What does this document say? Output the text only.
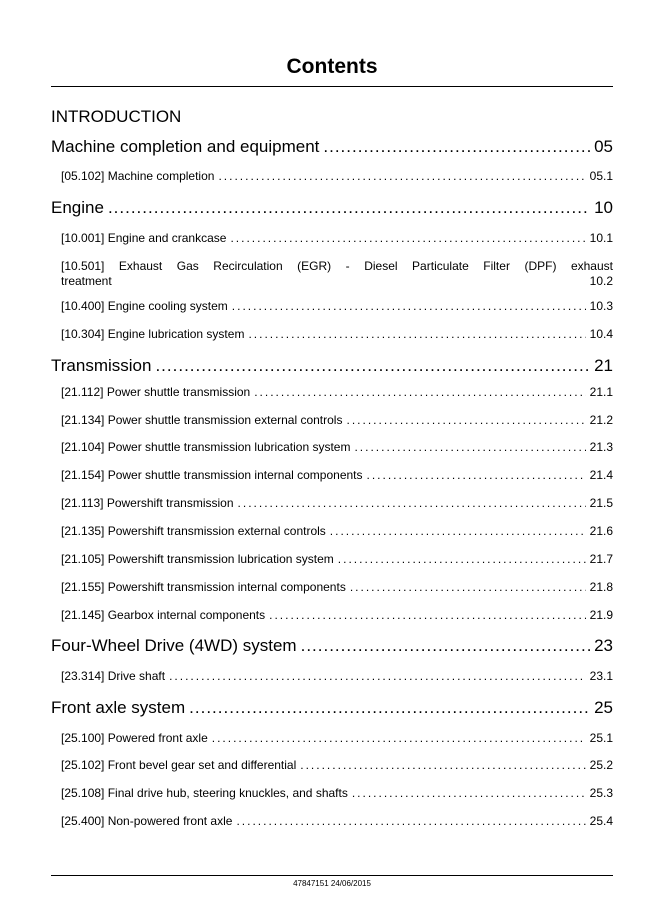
Contents
INTRODUCTION
Machine completion and equipment .....	05
[05.102] Machine completion .....	05.1
Engine .....	10
[10.001] Engine and crankcase .....	10.1
[10.501] Exhaust Gas Recirculation (EGR) - Diesel Particulate Filter (DPF) exhaust
treatment	10.2
[10.400] Engine cooling system .....	10.3
[10.304] Engine lubrication system .....	10.4
Transmission .....	21
[21.112] Power shuttle transmission .....	21.1
[21.134] Power shuttle transmission external controls .....	21.2
[21.104] Power shuttle transmission lubrication system .....	21.3
[21.154] Power shuttle transmission internal components .....	21.4
[21.113] Powershift transmission .....	21.5
[21.135] Powershift transmission external controls .....	21.6
[21.105] Powershift transmission lubrication system .....	21.7
[21.155] Powershift transmission internal components .....	21.8
[21.145] Gearbox internal components .....	21.9
Four-Wheel Drive (4WD) system .....	23
[23.314] Drive shaft .....	23.1
Front axle system .....	25
[25.100] Powered front axle .....	25.1
[25.102] Front bevel gear set and differential .....	25.2
[25.108] Final drive hub, steering knuckles, and shafts .....	25.3
[25.400] Non-powered front axle .....	25.4
47847151 24/06/2015
